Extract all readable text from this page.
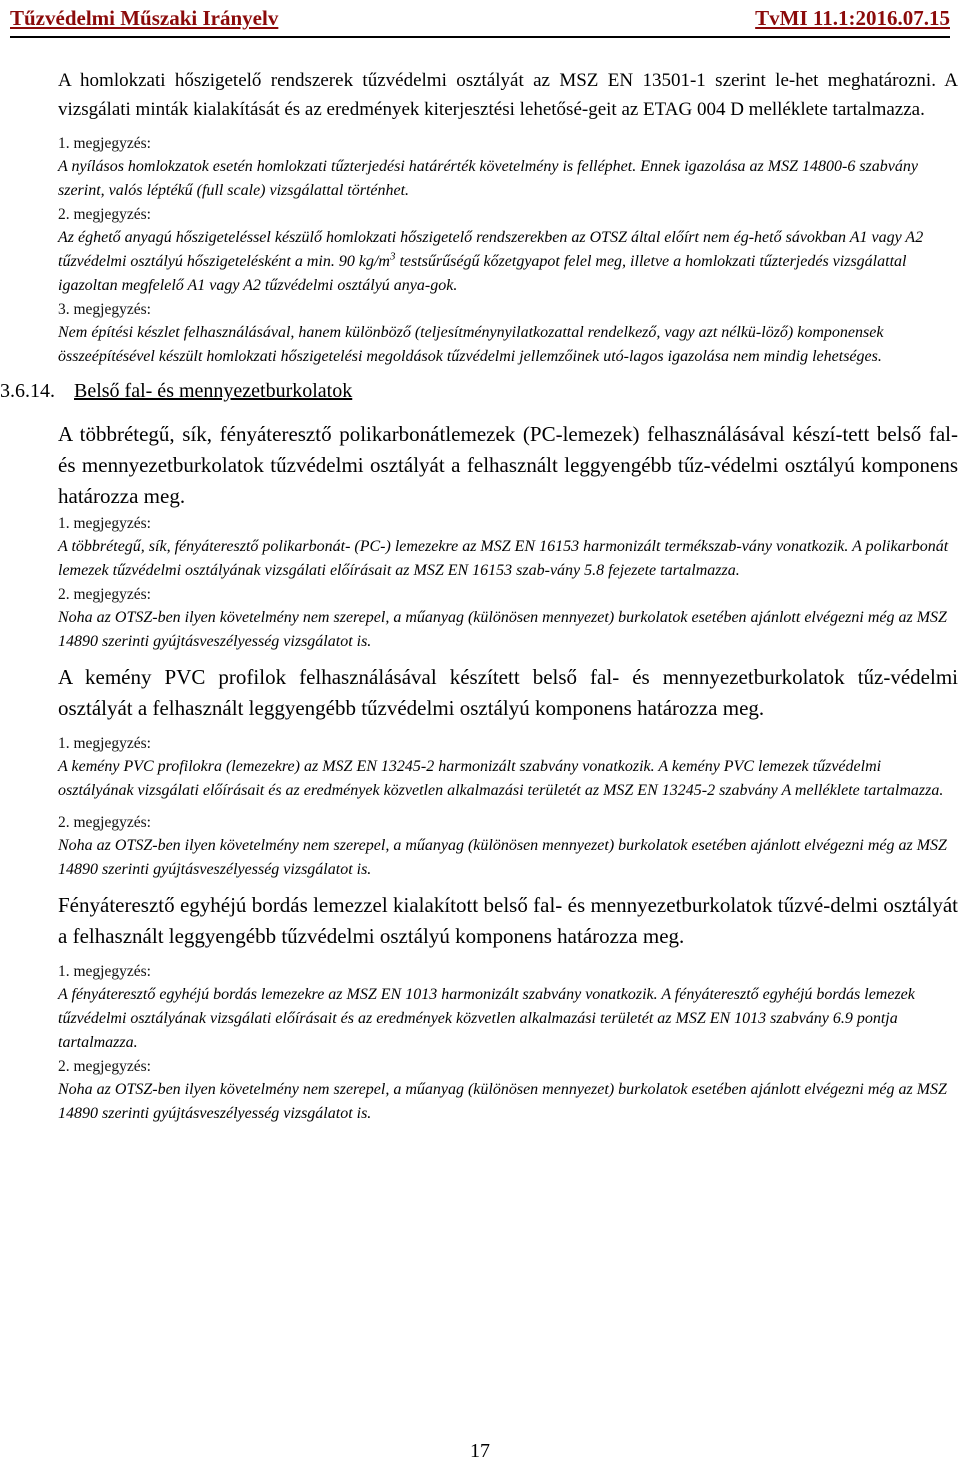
Tűzvédelmi Műszaki Irányelv	TvMI 11.1:2016.07.15

A homlokzati hőszigetelő rendszerek tűzvédelmi osztályát az MSZ EN 13501-1 szerint le-het meghatározni. A vizsgálati minták kialakítását és az eredmények kiterjesztési lehetősé-geit az ETAG 004 D melléklete tartalmazza.

1. megjegyzés:
A nyílásos homlokzatok esetén homlokzati tűzterjedési határérték követelmény is felléphet. Ennek igazolása az MSZ 14800-6 szabvány szerint, valós léptékű (full scale) vizsgálattal történhet.
2. megjegyzés:
Az éghető anyagú hőszigeteléssel készülő homlokzati hőszigetelő rendszerekben az OTSZ által előírt nem ég-hető sávokban A1 vagy A2 tűzvédelmi osztályú hőszigetelésként a min. 90 $kg/m^3$ testsűrűségű kőzetgyapot felel meg, illetve a homlokzati tűzterjedés vizsgálattal igazoltan megfelelő A1 vagy A2 tűzvédelmi osztályú anya-gok.
3. megjegyzés:
Nem építési készlet felhasználásával, hanem különböző (teljesítménynyilatkozattal rendelkező, vagy azt nélkü-löző) komponensek összeépítésével készült homlokzati hőszigetelési megoldások tűzvédelmi jellemzőinek utó-lagos igazolása nem mindig lehetséges.
3.6.14. Belső fal- és mennyezetburkolatok

A többrétegű, sík, fényáteresztő polikarbonátlemezek (PC-lemezek) felhasználásával készí-tett belső fal- és mennyezetburkolatok tűzvédelmi osztályát a felhasznált leggyengébb tűz-védelmi osztályú komponens határozza meg.

1. megjegyzés:
A többrétegű, sík, fényáteresztő polikarbonát- (PC-) lemezekre az MSZ EN 16153 harmonizált termékszab-vány vonatkozik. A polikarbonát lemezek tűzvédelmi osztályának vizsgálati előírásait az MSZ EN 16153 szab-vány 5.8 fejezete tartalmazza.
2. megjegyzés:
Noha az OTSZ-ben ilyen követelmény nem szerepel, a műanyag (különösen mennyezet) burkolatok esetében ajánlott elvégezni még az MSZ 14890 szerinti gyújtásveszélyesség vizsgálatot is.

A kemény PVC profilok felhasználásával készített belső fal- és mennyezetburkolatok tűz-védelmi osztályát a felhasznált leggyengébb tűzvédelmi osztályú komponens határozza meg.

1. megjegyzés:
A kemény PVC profilokra (lemezekre) az MSZ EN 13245-2 harmonizált szabvány vonatkozik. A kemény PVC lemezek tűzvédelmi osztályának vizsgálati előírásait és az eredmények közvetlen alkalmazási területét az MSZ EN 13245-2 szabvány A melléklete tartalmazza.
2. megjegyzés:
Noha az OTSZ-ben ilyen követelmény nem szerepel, a műanyag (különösen mennyezet) burkolatok esetében ajánlott elvégezni még az MSZ 14890 szerinti gyújtásveszélyesség vizsgálatot is.

Fényáteresztő egyhéjú bordás lemezzel kialakított belső fal- és mennyezetburkolatok tűzvé-delmi osztályát a felhasznált leggyengébb tűzvédelmi osztályú komponens határozza meg.

1. megjegyzés:
A fényáteresztő egyhéjú bordás lemezekre az MSZ EN 1013 harmonizált szabvány vonatkozik. A fényáteresztő egyhéjú bordás lemezek tűzvédelmi osztályának vizsgálati előírásait és az eredmények közvetlen alkalmazási területét az MSZ EN 1013 szabvány 6.9 pontja tartalmazza.
2. megjegyzés:
Noha az OTSZ-ben ilyen követelmény nem szerepel, a műanyag (különösen mennyezet) burkolatok esetében ajánlott elvégezni még az MSZ 14890 szerinti gyújtásveszélyesség vizsgálatot is.
17
